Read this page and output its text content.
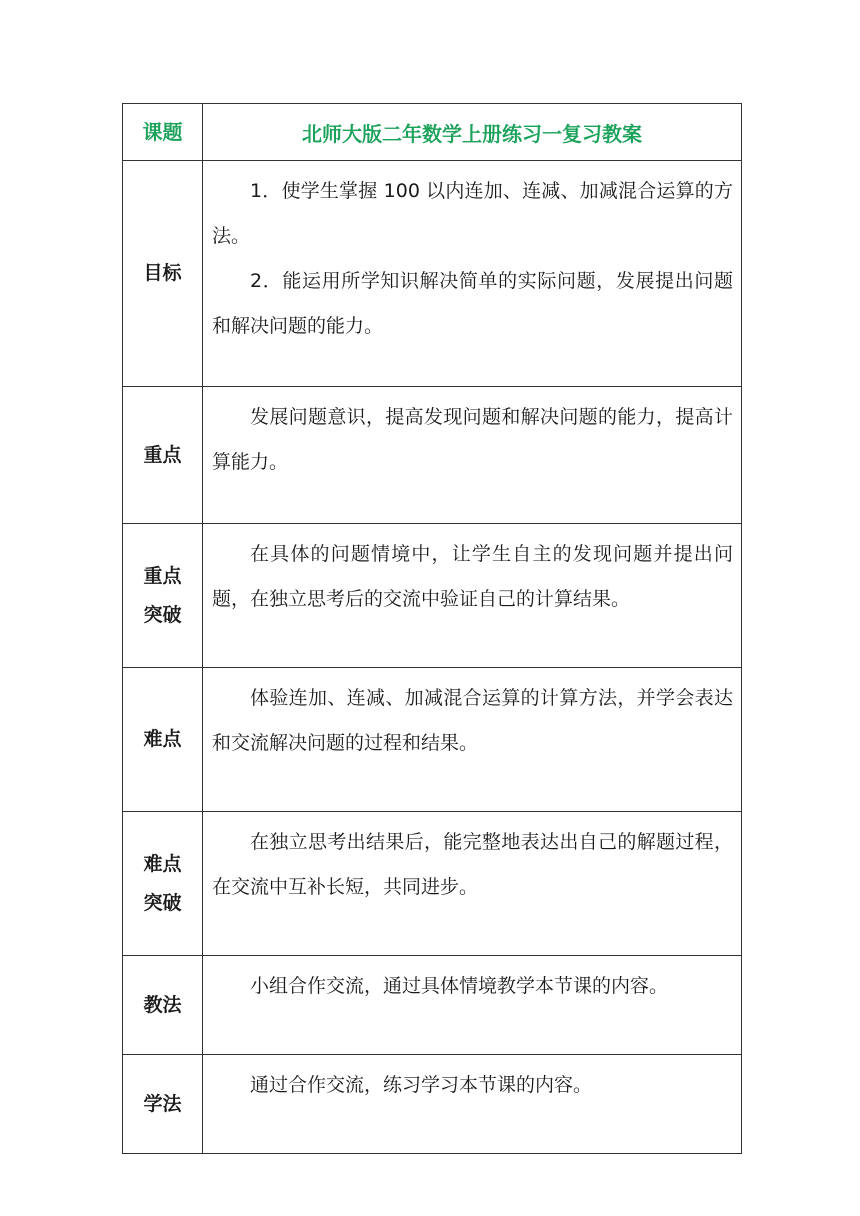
课题	北师大版二年数学上册练习一复习教案
目标	1．使学生掌握 100 以内连加、连减、加减混合运算的方法。

2．能运用所学知识解决简单的实际问题，发展提出问题和解决问题的能力。

重点	发展问题意识，提高发现问题和解决问题的能力，提高计算能力。

重点
突破	在具体的问题情境中，让学生自主的发现问题并提出问题，在独立思考后的交流中验证自己的计算结果。

难点	体验连加、连减、加减混合运算的计算方法，并学会表达和交流解决问题的过程和结果。

难点
突破	在独立思考出结果后，能完整地表达出自己的解题过程，在交流中互补长短，共同进步。

教法	小组合作交流，通过具体情境教学本节课的内容。

学法	通过合作交流，练习学习本节课的内容。
